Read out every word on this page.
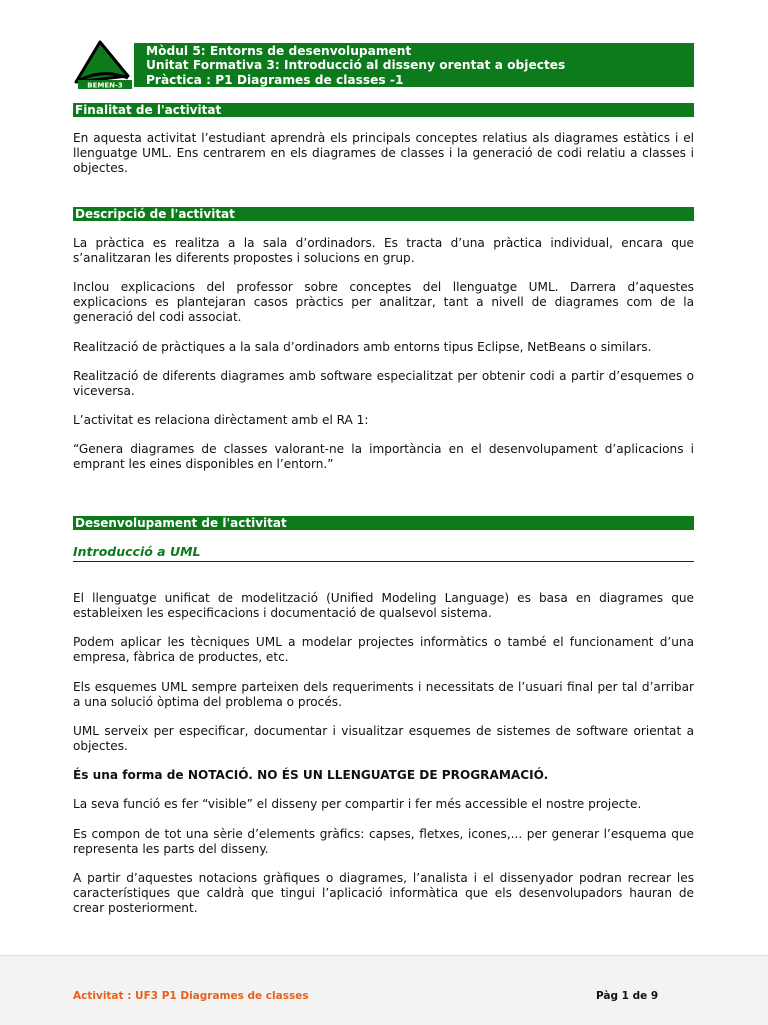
BEMEN-3
Mòdul 5: Entorns de desenvolupament
Unitat Formativa 3: Introducció al disseny orentat a objectes
Pràctica : P1 Diagrames de classes -1
Finalitat de l'activitat

En aquesta activitat l’estudiant aprendrà els principals conceptes relatius als diagrames estàtics i el llenguatge UML. Ens centrarem en els diagrames de classes i la generació de codi relatiu a classes i objectes.

Descripció de l'activitat

La pràctica es realitza a la sala d’ordinadors. Es tracta d’una pràctica individual, encara que s’analitzaran les diferents propostes i solucions en grup.

Inclou explicacions del professor sobre conceptes del llenguatge UML. Darrera d’aquestes explicacions es plantejaran casos pràctics per analitzar, tant a nivell de diagrames com de la generació del codi associat.

Realització de pràctiques a la sala d’ordinadors amb entorns tipus Eclipse, NetBeans o similars.

Realització de diferents diagrames amb software especialitzat per obtenir codi a partir d’esquemes o viceversa.

L’activitat es relaciona dirèctament amb el RA 1:

“Genera diagrames de classes valorant-ne la importància en el desenvolupament d’aplicacions i emprant les eines disponibles en l’entorn.”

Desenvolupament de l'activitat
Introducció a UML

El llenguatge unificat de modelització (Unified Modeling Language) es basa en diagrames que estableixen les especificacions i documentació de qualsevol sistema.

Podem aplicar les tècniques UML a modelar projectes informàtics o també el funcionament d’una empresa, fàbrica de productes, etc.

Els esquemes UML sempre parteixen dels requeriments i necessitats de l’usuari final per tal d’arribar a una solució òptima del problema o procés.

UML serveix per especificar, documentar i visualitzar esquemes de sistemes de software orientat a objectes.

És una forma de NOTACIÓ. NO ÉS UN LLENGUATGE DE PROGRAMACIÓ.

La seva funció es fer “visible” el disseny per compartir i fer més accessible el nostre projecte.

Es compon de tot una sèrie d’elements gràfics: capses, fletxes, icones,... per generar l’esquema que representa les parts del disseny.

A partir d’aquestes notacions gràfiques o diagrames, l’analista i el dissenyador podran recrear les característiques que caldrà que tingui l’aplicació informàtica que els desenvolupadors hauran de crear posteriorment.

Activitat : UF3 P1 Diagrames de classes	Pàg 1 de 9
